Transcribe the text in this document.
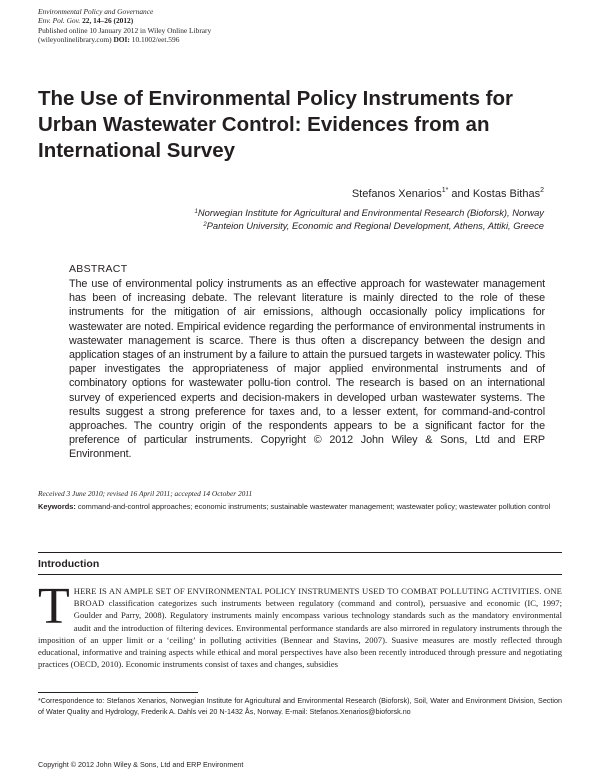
Environmental Policy and Governance
Env. Pol. Gov. 22, 14–26 (2012)
Published online 10 January 2012 in Wiley Online Library
(wileyonlinelibrary.com) DOI: 10.1002/eet.596
The Use of Environmental Policy Instruments for Urban Wastewater Control: Evidences from an International Survey
Stefanos Xenarios$^{1*}$ and Kostas Bithas$^2$
$^1$Norwegian Institute for Agricultural and Environmental Research (Bioforsk), Norway
$^2$Panteion University, Economic and Regional Development, Athens, Attiki, Greece
ABSTRACT

The use of environmental policy instruments as an effective approach for wastewater management has been of increasing debate. The relevant literature is mainly directed to the role of these instruments for the mitigation of air emissions, although occasionally policy implications for wastewater are noted. Empirical evidence regarding the performance of environmental instruments in wastewater management is scarce. There is thus often a discrepancy between the design and application stages of an instrument by a failure to attain the pursued targets in wastewater policy. This paper investigates the appropriateness of major applied environmental instruments and of combinatory options for wastewater pollu-tion control. The research is based on an international survey of experienced experts and decision-makers in developed urban wastewater systems. The results suggest a strong preference for taxes and, to a lesser extent, for command-and-control approaches. The country origin of the respondents appears to be a significant factor for the preference of particular instruments. Copyright © 2012 John Wiley & Sons, Ltd and ERP Environment.

Received 3 June 2010; revised 16 April 2011; accepted 14 October 2011
Keywords: command-and-control approaches; economic instruments; sustainable wastewater management; wastewater policy; wastewater pollution control
Introduction
T HERE IS AN AMPLE SET OF ENVIRONMENTAL POLICY INSTRUMENTS USED TO COMBAT POLLUTING ACTIVITIES. ONE BROAD classification categorizes such instruments between regulatory (command and control), persuasive and economic (IC, 1997; Goulder and Parry, 2008). Regulatory instruments mainly encompass various technology standards such as the mandatory environmental audit and the introduction of filtering devices. Environmental performance standards are also mirrored in regulatory instruments through the imposition of an upper limit or a ‘ceiling’ in polluting activities (Bennear and Stavins, 2007). Suasive measures are mostly reflected through educational, informative and training aspects while ethical and moral perspectives have also been recently introduced through pressure and negotiating practices (OECD, 2010). Economic instruments consist of taxes and changes, subsidies

*Correspondence to: Stefanos Xenarios, Norwegian Institute for Agricultural and Environmental Research (Bioforsk), Soil, Water and Environment Division, Section of Water Quality and Hydrology, Frederik A. Dahls vei 20 N-1432 Ås, Norway. E-mail: Stefanos.Xenarios@bioforsk.no
Copyright © 2012 John Wiley & Sons, Ltd and ERP Environment
